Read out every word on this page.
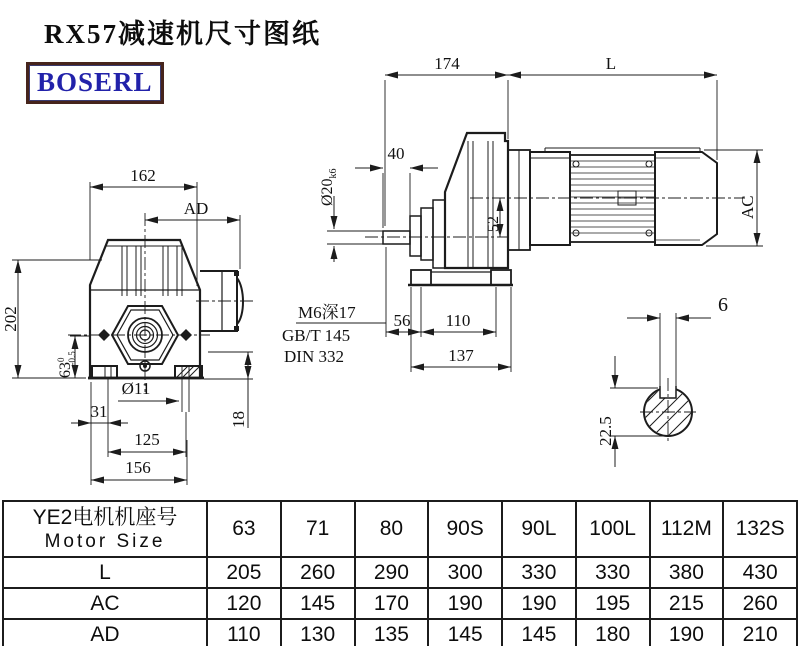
RX57减速机尺寸图纸
BOSERL
162
AD
202
$63^0-0.5$
31
Ø11
125
156
18
174	L
40
$Ø20_{k6}$
52
56 110
137
AC
M6深17
GB/T 145
DIN 332
6
22.5
YE2电机机座号
Motor Size	63	71	80	90S	90L	100L	112M	132S
L	205	260	290	300	330	330	380	430
AC	120	145	170	190	190	195	215	260
AD	110	130	135	145	145	180	190	210
